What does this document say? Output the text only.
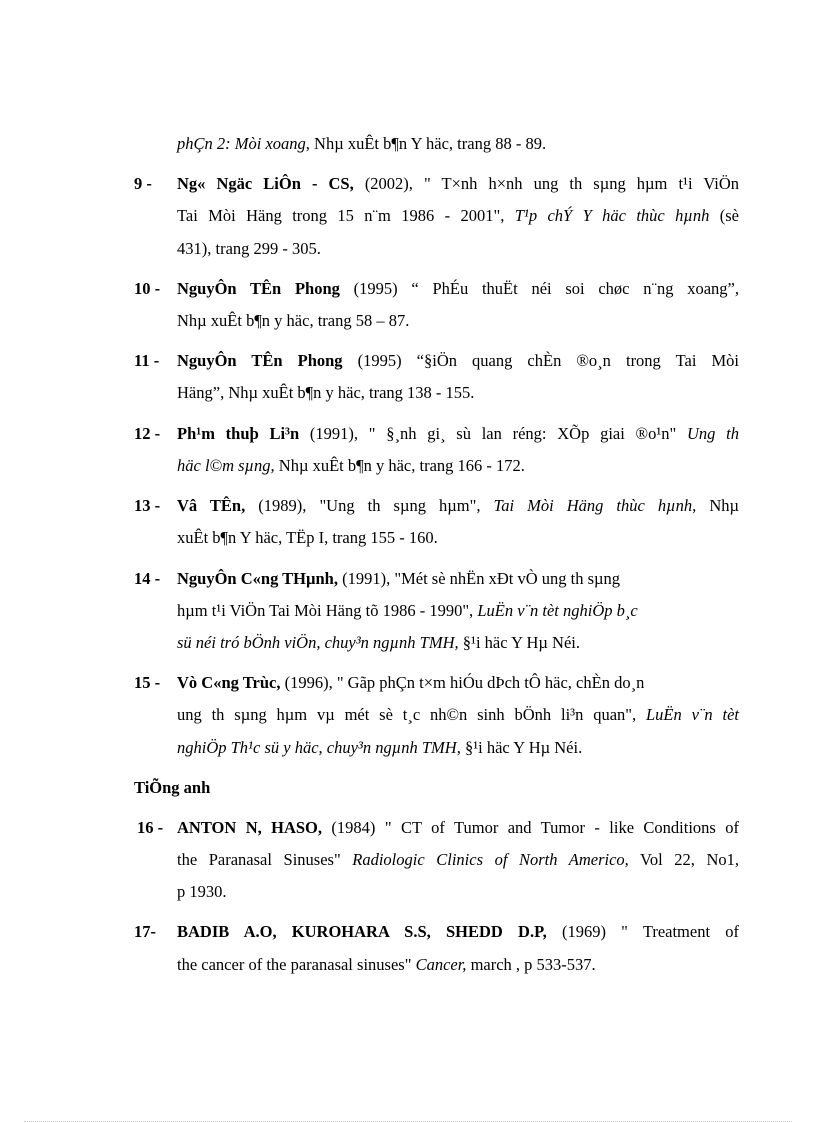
phÇn 2: Mòi xoang, Nhµ xuÊt b¶n Y häc, trang 88 - 89.
9 - Ng« Ngäc LiÔn - CS, (2002), " T×nh h×nh ung th sµng hµm t¹i ViÖn
Tai Mòi Häng trong 15 n¨m 1986 - 2001", T¹p chÝ Y häc thùc hµnh (sè
431), trang 299 - 305.
10 - NguyÔn TÊn Phong (1995) “ PhÉu thuËt néi soi chøc n¨ng xoang”,
Nhµ xuÊt b¶n y häc, trang 58 – 87.
11 - NguyÔn TÊn Phong (1995) “§iÖn quang chÈn ®o¸n trong Tai Mòi
Häng”, Nhµ xuÊt b¶n y häc, trang 138 - 155.
12 - Ph¹m thuþ Li³n (1991), " §¸nh gi¸ sù lan réng: XÕp giai ®o¹n" Ung th
häc l©m sµng, Nhµ xuÊt b¶n y häc, trang 166 - 172.
13 - Vâ TÊn, (1989), "Ung th sµng hµm", Tai Mòi Häng thùc hµnh, Nhµ
xuÊt b¶n Y häc, TËp I, trang 155 - 160.
14 - NguyÔn C«ng THµnh, (1991), "Mét sè nhËn xÐt vÒ ung th sµng
hµm t¹i ViÖn Tai Mòi Häng tõ 1986 - 1990", LuËn v¨n tèt nghiÖp b¸c
sü néi tró bÖnh viÖn, chuy³n ngµnh TMH, §¹i häc Y Hµ Néi.
15 - Vò C«ng Trùc, (1996), " Gãp phÇn t×m hiÓu dÞch tÔ häc, chÈn do¸n
ung th sµng hµm vµ mét sè t¸c nh©n sinh bÖnh li³n quan", LuËn v¨n tèt
nghiÖp Th¹c sü y häc, chuy³n ngµnh TMH, §¹i häc Y Hµ Néi.
TiÕng anh
16 - ANTON N, HASO, (1984) " CT of Tumor and Tumor - like Conditions of
the Paranasal Sinuses" Radiologic Clinics of North Americo, Vol 22, No1,
p 1930.
17- BADIB A.O, KUROHARA S.S, SHEDD D.P, (1969) " Treatment of
the cancer of the paranasal sinuses" Cancer, march , p 533-537.
